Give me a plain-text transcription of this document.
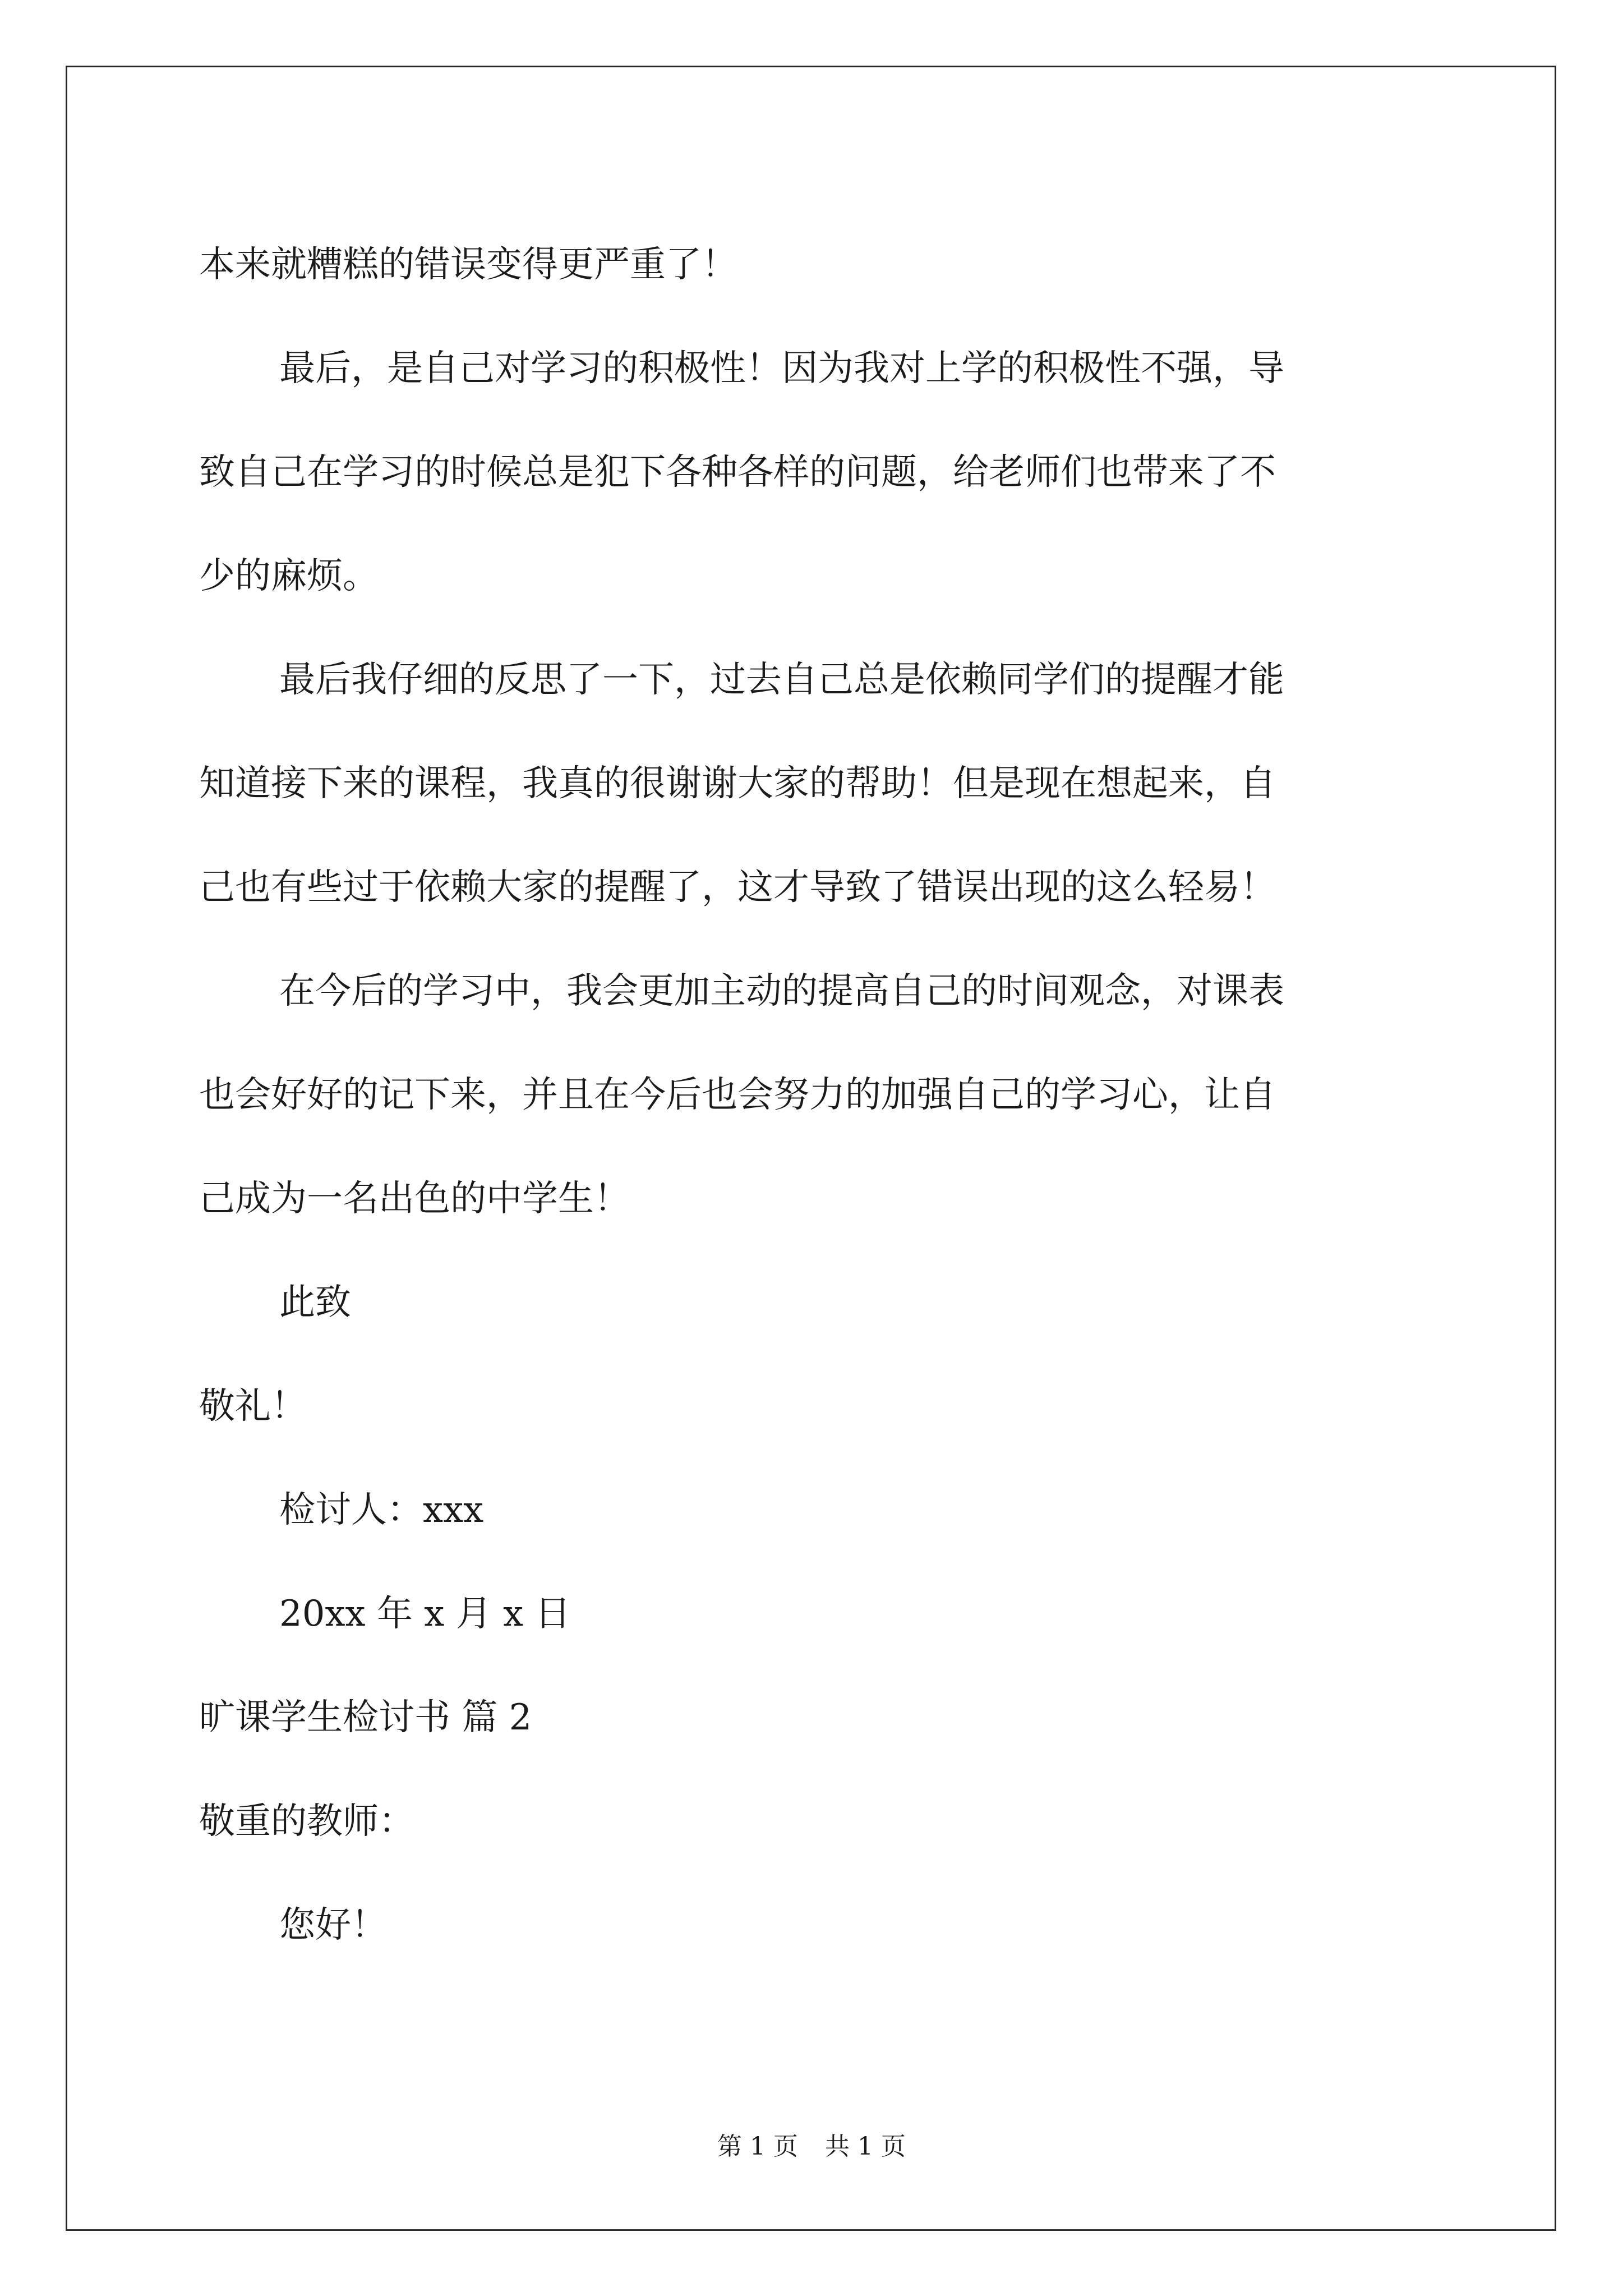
本来就糟糕的错误变得更严重了！
最后，是自己对学习的积极性！因为我对上学的积极性不强，导
致自己在学习的时候总是犯下各种各样的问题，给老师们也带来了不
少的麻烦。
最后我仔细的反思了一下，过去自己总是依赖同学们的提醒才能
知道接下来的课程，我真的很谢谢大家的帮助！但是现在想起来，自
己也有些过于依赖大家的提醒了，这才导致了错误出现的这么轻易！
在今后的学习中，我会更加主动的提高自己的时间观念，对课表
也会好好的记下来，并且在今后也会努力的加强自己的学习心，让自
己成为一名出色的中学生！
此致
敬礼！
检讨人：xxx
20xx 年 x 月 x 日
旷课学生检讨书 篇 2
敬重的教师：
您好！
第 1 页 共 1 页
